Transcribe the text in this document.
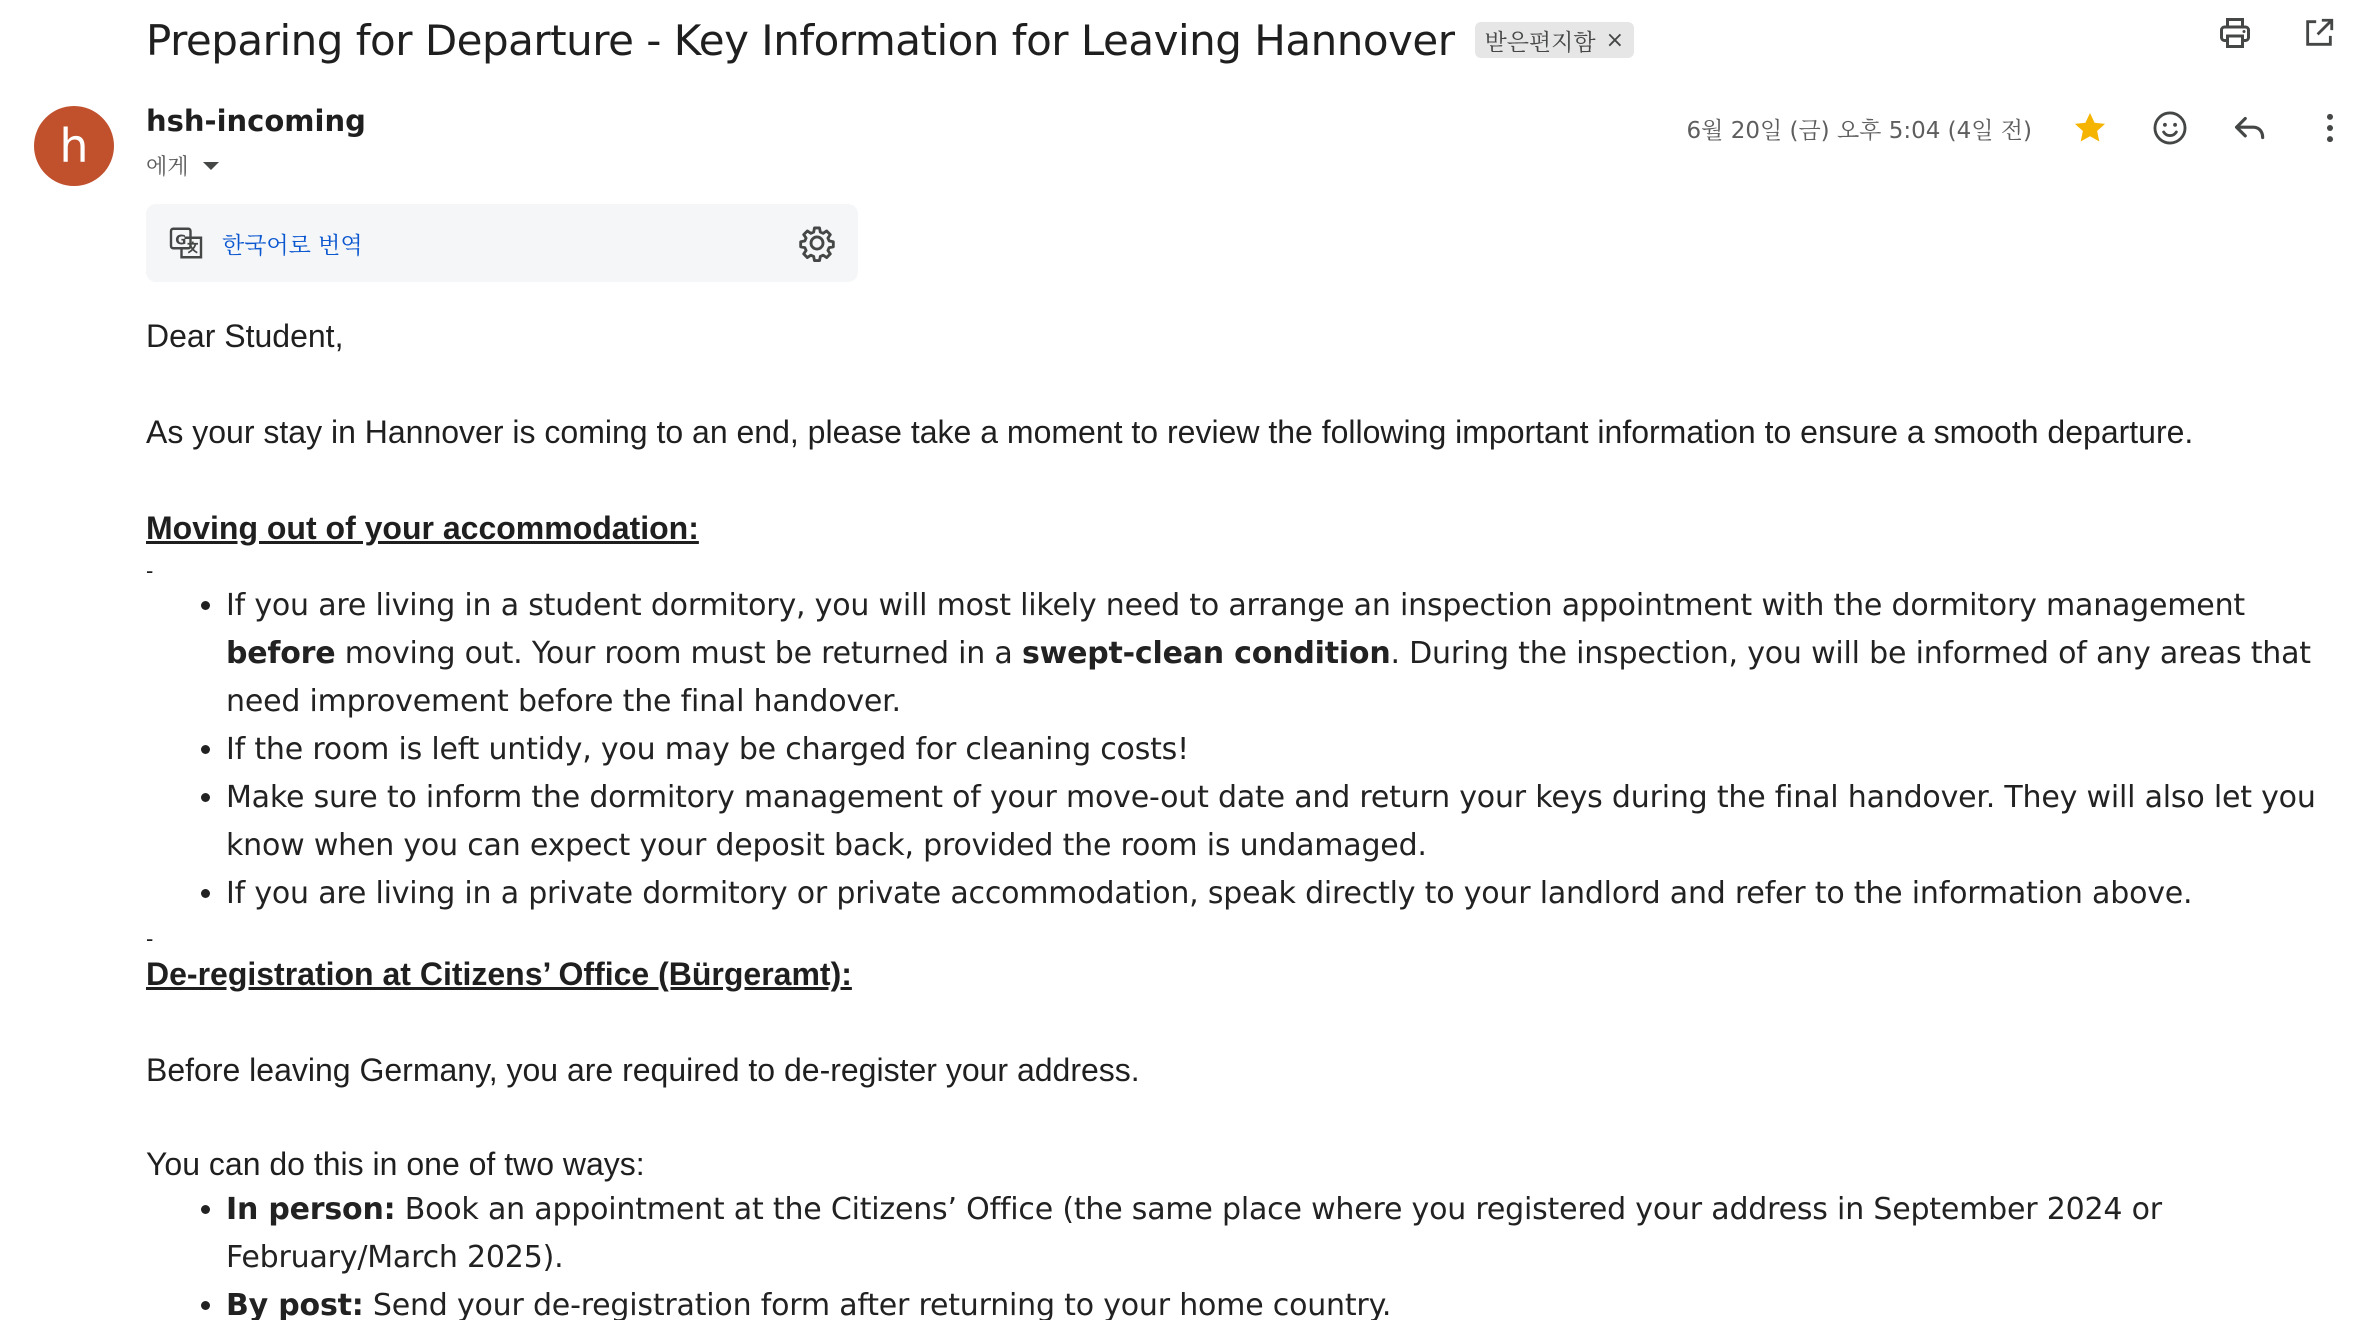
Preparing for Departure - Key Information for Leaving Hannover 받은편지함 ×
h	hsh-incoming
에게
6월 20일 (금) 오후 5:04 (4일 전)
G 한국어로 번역

Dear Student,

As your stay in Hannover is coming to an end, please take a moment to review the following important information to ensure a smooth departure.

Moving out of your accommodation:

-
• If you are living in a student dormitory, you will most likely need to arrange an inspection appointment with the dormitory management before moving out. Your room must be returned in a swept-clean condition. During the inspection, you will be informed of any areas that need improvement before the final handover.
• If the room is left untidy, you may be charged for cleaning costs!
• Make sure to inform the dormitory management of your move-out date and return your keys during the final handover. They will also let you know when you can expect your deposit back, provided the room is undamaged.
• If you are living in a private dormitory or private accommodation, speak directly to your landlord and refer to the information above.
-

De-registration at Citizens’ Office (Bürgeramt):

Before leaving Germany, you are required to de-register your address.

You can do this in one of two ways:

• In person: Book an appointment at the Citizens’ Office (the same place where you registered your address in September 2024 or February/March 2025).
• By post: Send your de-registration form after returning to your home country.
